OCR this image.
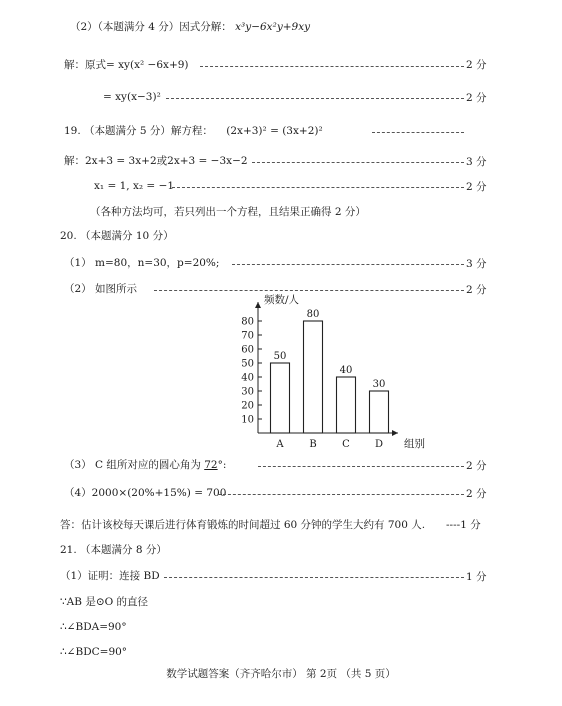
（2）（本题满分 4 分）因式分解： x³y−6x²y+9xy
解：原式= xy(x² −6x+9)	2 分
= xy(x−3)²	2 分
19. （本题满分 5 分）解方程： (2x+3)² = (3x+2)²
解：2x+3 = 3x+2或2x+3 = −3x−2	3 分
x₁ = 1, x₂ = −1	2 分
（各种方法均可，若只列出一个方程，且结果正确得 2 分）
20. （本题满分 10 分）
（1） m=80，n=30，p=20%;	3 分
（2） 如图所示	2 分
10
20
30
40
50
60
70
80
50
A
80
B
40
C
30
D
频数/人
组别
（3） C 组所对应的圆心角为 72°:	2 分
（4）2000×(20%+15%) = 700	2 分
答：估计该校每天课后进行体育锻炼的时间超过 60 分钟的学生大约有 700 人. ----1 分
21. （本题满分 8 分）
（1）证明：连接 BD	1 分
∵AB 是⊙O 的直径
∴∠BDA=90°
∴∠BDC=90°
数学试题答案（齐齐哈尔市） 第 2页 （共 5 页）
